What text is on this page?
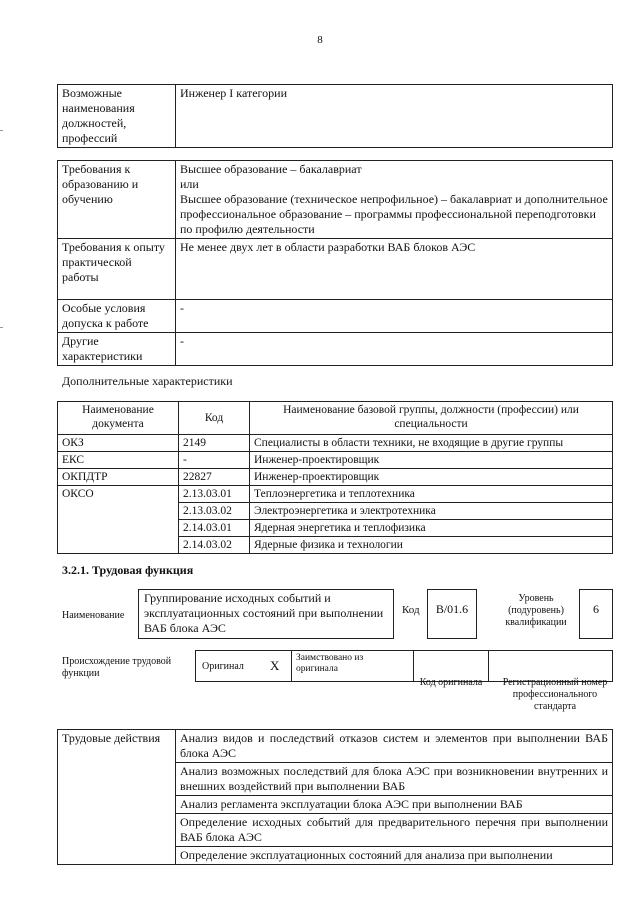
8
Возможные наименования должностей, профессий	Инженер I категории
Требования к образованию и обучению	Высшее образование – бакалавриат
или
Высшее образование (техническое непрофильное) – бакалавриат и дополнительное профессиональное образование – программы профессиональной переподготовки по профилю деятельности

Требования к опыту практической работы	Не менее двух лет в области разработки ВАБ блоков АЭС
Особые условия допуска к работе	-
Другие характеристики	-
Дополнительные характеристики
Наименование документа	Код	Наименование базовой группы, должности (профессии) или специальности
ОКЗ	2149	Специалисты в области техники, не входящие в другие группы
ЕКС	-	Инженер-проектировщик
ОКПДТР	22827	Инженер-проектировщик
ОКСО	2.13.03.01	Теплоэнергетика и теплотехника
	2.13.03.02	Электроэнергетика и электротехника
	2.14.03.01	Ядерная энергетика и теплофизика
	2.14.03.02	Ядерные физика и технологии
3.2.1. Трудовая функция
Наименование
Группирование исходных событий и эксплуатационных состояний при выполнении ВАБ блока АЭС
Код	B/01.6
Уровень (подуровень) квалификации
6
Происхождение трудовой функции
Оригинал X Заимствовано из оригинала
Код оригинала	Регистрационный номер профессионального стандарта
Трудовые действия	Анализ видов и последствий отказов систем и элементов при выполнении ВАБ блока АЭС
Анализ возможных последствий для блока АЭС при возникновении внутренних и внешних воздействий при выполнении ВАБ
Анализ регламента эксплуатации блока АЭС при выполнении ВАБ
Определение исходных событий для предварительного перечня при выполнении ВАБ блока АЭС
Определение эксплуатационных состояний для анализа при выполнении
